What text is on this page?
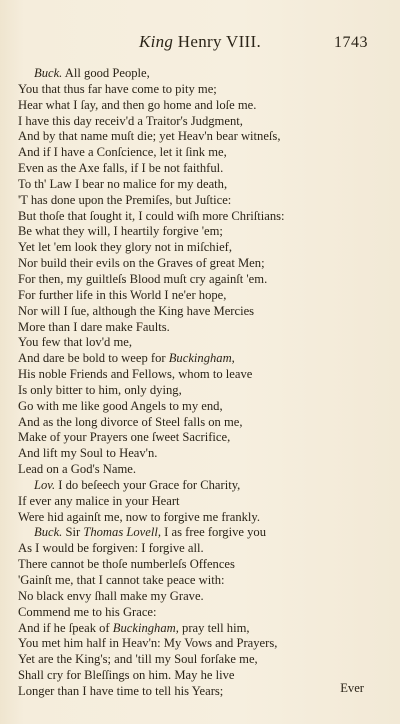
King Henry VIII.	1743
Buck. All good People,
You that thus far have come to pity me;
Hear what I ſay, and then go home and loſe me.
I have this day receiv'd a Traitor's Judgment,
And by that name muſt die; yet Heav'n bear witneſs,
And if I have a Conſcience, let it ſink me,
Even as the Axe falls, if I be not faithful.
To th' Law I bear no malice for my death,
'T has done upon the Premiſes, but Juſtice:
But thoſe that ſought it, I could wiſh more Chriſtians:
Be what they will, I heartily forgive 'em;
Yet let 'em look they glory not in miſchief,
Nor build their evils on the Graves of great Men;
For then, my guiltleſs Blood muſt cry againſt 'em.
For further life in this World I ne'er hope,
Nor will I ſue, although the King have Mercies
More than I dare make Faults.
You few that lov'd me,
And dare be bold to weep for Buckingham,
His noble Friends and Fellows, whom to leave
Is only bitter to him, only dying,
Go with me like good Angels to my end,
And as the long divorce of Steel falls on me,
Make of your Prayers one ſweet Sacrifice,
And lift my Soul to Heav'n.
Lead on a God's Name.
Lov. I do beſeech your Grace for Charity,
If ever any malice in your Heart
Were hid againſt me, now to forgive me frankly.
Buck. Sir Thomas Lovell, I as free forgive you
As I would be forgiven: I forgive all.
There cannot be thoſe numberleſs Offences
'Gainſt me, that I cannot take peace with:
No black envy ſhall make my Grave.
Commend me to his Grace:
And if he ſpeak of Buckingham, pray tell him,
You met him half in Heav'n: My Vows and Prayers,
Yet are the King's; and 'till my Soul forſake me,
Shall cry for Bleſſings on him. May he live
Longer than I have time to tell his Years;	Ever
